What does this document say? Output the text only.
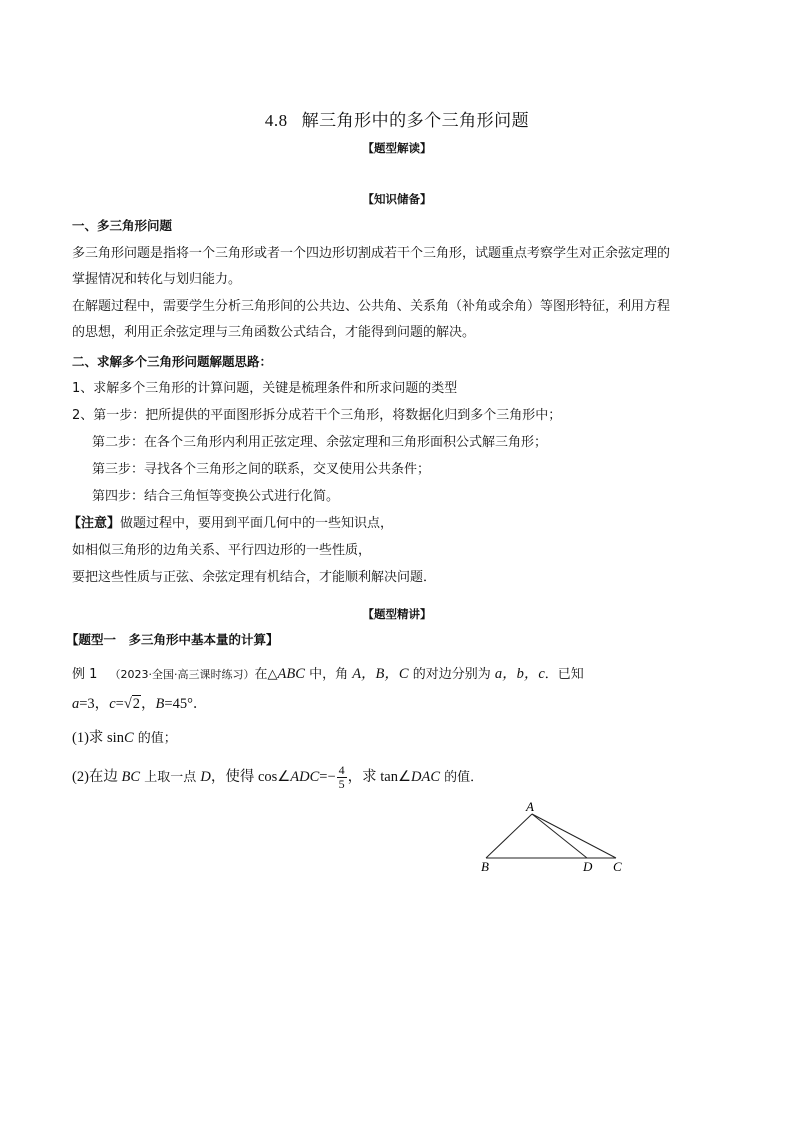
4.8 解三角形中的多个三角形问题
【题型解读】
【知识储备】
一、多三角形问题
多三角形问题是指将一个三角形或者一个四边形切割成若干个三角形，试题重点考察学生对正余弦定理的
掌握情况和转化与划归能力。
在解题过程中，需要学生分析三角形间的公共边、公共角、关系角（补角或余角）等图形特征，利用方程
的思想，利用正余弦定理与三角函数公式结合，才能得到问题的解决。
二、求解多个三角形问题解题思路：
1、求解多个三角形的计算问题，关键是梳理条件和所求问题的类型
2、第一步：把所提供的平面图形拆分成若干个三角形，将数据化归到多个三角形中；
第二步：在各个三角形内利用正弦定理、余弦定理和三角形面积公式解三角形；
第三步：寻找各个三角形之间的联系，交叉使用公共条件；
第四步：结合三角恒等变换公式进行化简。
【注意】做题过程中，要用到平面几何中的一些知识点，
如相似三角形的边角关系、平行四边形的一些性质，
要把这些性质与正弦、余弦定理有机结合，才能顺利解决问题．
【题型精讲】
【题型一　多三角形中基本量的计算】
例 1 （2023·全国·高三课时练习）在△ABC 中，角 A，B，C 的对边分别为 a，b，c．已知
a=3，c=√2，B=45°．
(1)求 sinC 的值；
(2)在边 BC 上取一点 D，使得 cos∠ADC=− $\frac{4}{5}$ ，求 tan∠DAC 的值．
A
B	D C
